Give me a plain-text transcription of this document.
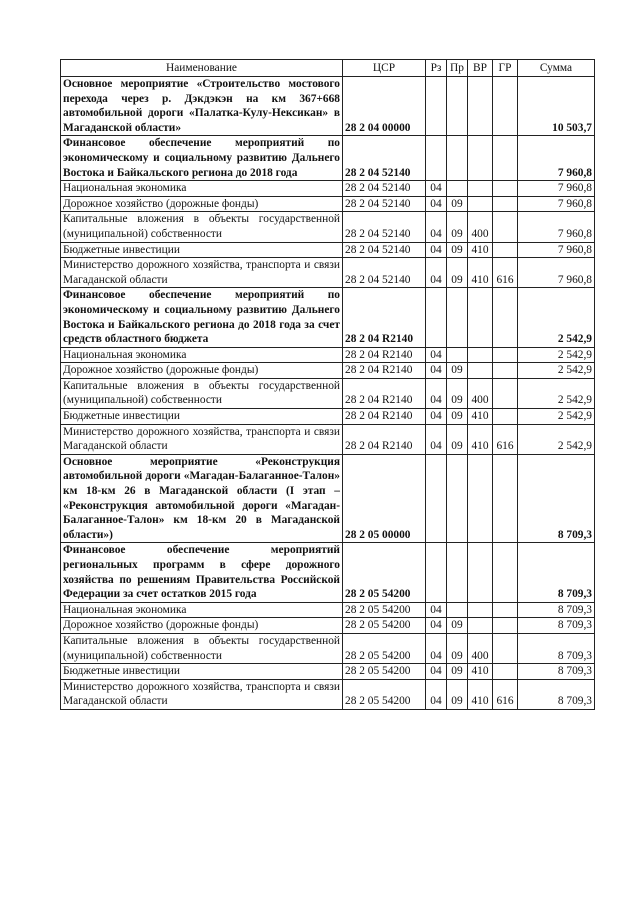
Наименование	ЦСР	Рз	Пр	ВР	ГР	Сумма
Основное мероприятие «Строительство мостового перехода через р. Дэкдэкэн на км 367+668 автомобильной дороги «Палатка-Кулу-Нексикан» в Магаданской области»	28 2 04 00000					10 503,7
Финансовое обеспечение мероприятий по экономическому и социальному развитию Дальнего Востока и Байкальского региона до 2018 года	28 2 04 52140					7 960,8
Национальная экономика	28 2 04 52140	04				7 960,8
Дорожное хозяйство (дорожные фонды)	28 2 04 52140	04	09			7 960,8
Капитальные вложения в объекты государственной (муниципальной) собственности	28 2 04 52140	04	09	400		7 960,8
Бюджетные инвестиции	28 2 04 52140	04	09	410		7 960,8
Министерство дорожного хозяйства, транспорта и связи Магаданской области	28 2 04 52140	04	09	410	616	7 960,8
Финансовое обеспечение мероприятий по экономическому и социальному развитию Дальнего Востока и Байкальского региона до 2018 года за счет средств областного бюджета	28 2 04 R2140					2 542,9
Национальная экономика	28 2 04 R2140	04				2 542,9
Дорожное хозяйство (дорожные фонды)	28 2 04 R2140	04	09			2 542,9
Капитальные вложения в объекты государственной (муниципальной) собственности	28 2 04 R2140	04	09	400		2 542,9
Бюджетные инвестиции	28 2 04 R2140	04	09	410		2 542,9
Министерство дорожного хозяйства, транспорта и связи Магаданской области	28 2 04 R2140	04	09	410	616	2 542,9
Основное мероприятие «Реконструкция автомобильной дороги «Магадан-Балаганное-Талон» км 18-км 26 в Магаданской области (I этап – «Реконструкция автомобильной дороги «Магадан-Балаганное-Талон» км 18-км 20 в Магаданской области»)	28 2 05 00000					8 709,3
Финансовое обеспечение мероприятий региональных программ в сфере дорожного хозяйства по решениям Правительства Российской Федерации за счет остатков 2015 года	28 2 05 54200					8 709,3
Национальная экономика	28 2 05 54200	04				8 709,3
Дорожное хозяйство (дорожные фонды)	28 2 05 54200	04	09			8 709,3
Капитальные вложения в объекты государственной (муниципальной) собственности	28 2 05 54200	04	09	400		8 709,3
Бюджетные инвестиции	28 2 05 54200	04	09	410		8 709,3
Министерство дорожного хозяйства, транспорта и связи Магаданской области	28 2 05 54200	04	09	410	616	8 709,3
